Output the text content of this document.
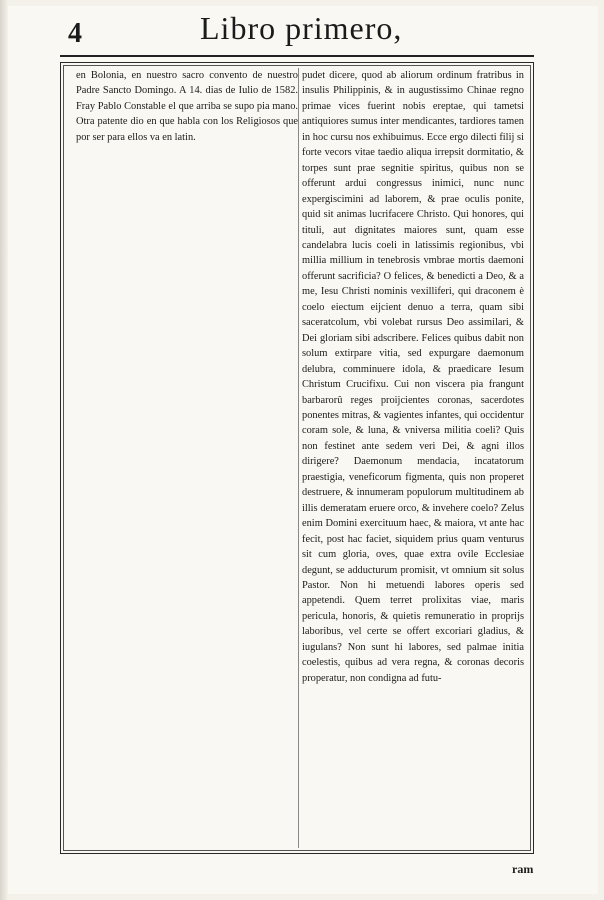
4	Libro primero,

en Bolonia, en nuestro sacro convento de nuestro Padre Sancto Domingo. A 14. dias de Iulio de 1582. Fray Pablo Constable el que arriba se supo pia mano. Otra patente dio en que habla con los Religiosos que por ser para ellos va en latin.

pudet dicere, quod ab aliorum ordinum fratribus in insulis Philippinis, & in augustissimo Chinae regno primae vices fuerint nobis ereptae, qui tametsi antiquiores sumus inter mendicantes, tardiores tamen in hoc cursu nos exhibuimus. Ecce ergo dilecti filij si forte vecors vitae taedio aliqua irrepsit dormitatio, & torpes sunt prae segnitie spiritus, quibus non se offerunt ardui congressus inimici, nunc nunc expergiscimini ad laborem, & prae oculis ponite, quid sit animas lucrifacere Christo. Qui honores, qui tituli, aut dignitates maiores sunt, quam esse candelabra lucis coeli in latissimis regionibus, vbi millia millium in tenebrosis vmbrae mortis daemoni offerunt sacrificia? O felices, & benedicti a Deo, & a me, Iesu Christi nominis vexilliferi, qui draconem è coelo eiectum eijcient denuo a terra, quam sibi saceratcolum, vbi volebat rursus Deo assimilari, & Dei gloriam sibi adscribere. Felices quibus dabit non solum extirpare vitia, sed expurgare daemonum delubra, comminuere idola, & praedicare Iesum Christum Crucifixu. Cui non viscera pia frangunt barbarorû reges proijcientes coronas, sacerdotes ponentes mitras, & vagientes infantes, qui occidentur coram sole, & luna, & vniversa militia coeli? Quis non festinet ante sedem veri Dei, & agni illos dirigere? Daemonum mendacia, incatatorum praestigia, veneficorum figmenta, quis non properet destruere, & innumeram populorum multitudinem ab illis demeratam eruere orco, & invehere coelo? Zelus enim Domini exercituum haec, & maiora, vt ante hac fecit, post hac faciet, siquidem prius quam venturus sit cum gloria, oves, quae extra ovile Ecclesiae degunt, se adducturum promisit, vt omnium sit solus Pastor. Non hi metuendi labores operis sed appetendi. Quem terret prolixitas viae, maris pericula, honoris, & quietis remuneratio in proprijs laboribus, vel certe se offert excoriari gladius, & iugulans? Non sunt hi labores, sed palmae initia coelestis, quibus ad vera regna, & coronas decoris properatur, non condigna ad futu-

ram
